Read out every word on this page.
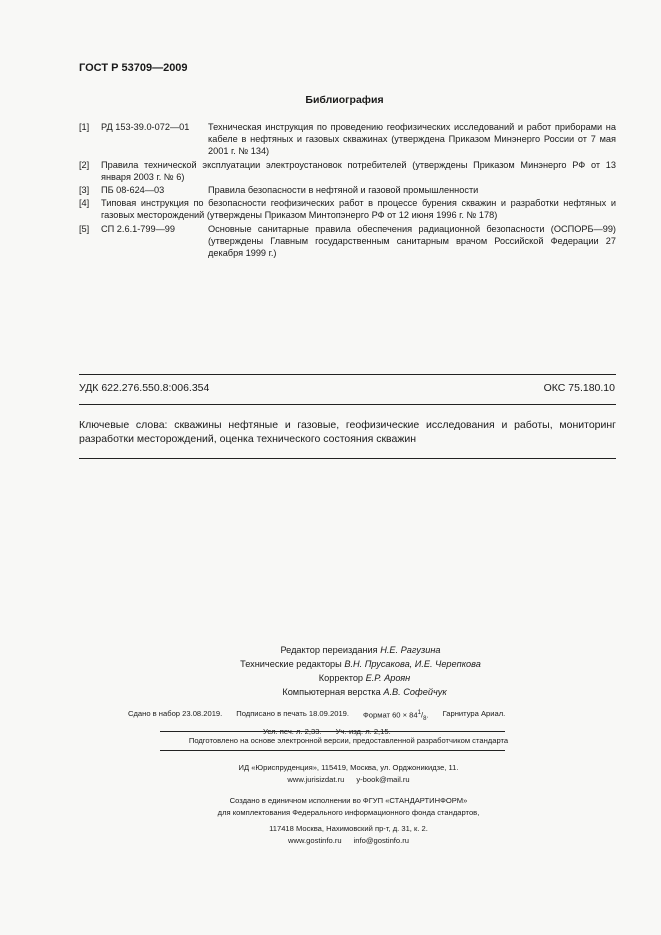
ГОСТ Р 53709—2009
Библиография
[1]	РД 153-39.0-072—01	Техническая инструкция по проведению геофизических исследований и работ приборами на кабеле в нефтяных и газовых скважинах (утверждена Приказом Минэнерго России от 7 мая 2001 г. № 134)
[2]	Правила технической эксплуатации электроустановок потребителей (утверждены Приказом Минэнерго РФ от 13 января 2003 г. № 6)
[3]	ПБ 08-624—03	Правила безопасности в нефтяной и газовой промышленности
[4]	Типовая инструкция по безопасности геофизических работ в процессе бурения скважин и разработки нефтяных и газовых месторождений (утверждены Приказом Минтопэнерго РФ от 12 июня 1996 г. № 178)
[5]	СП 2.6.1-799—99	Основные санитарные правила обеспечения радиационной безопасности (ОСПОРБ—99) (утверждены Главным государственным санитарным врачом Российской Федерации 27 декабря 1999 г.)
УДК 622.276.550.8:006.354	ОКС 75.180.10
Ключевые слова: скважины нефтяные и газовые, геофизические исследования и работы, мониторинг разработки месторождений, оценка технического состояния скважин
Редактор переиздания Н.Е. Рагузина
Технические редакторы В.Н. Прусакова, И.Е. Черепкова
Корректор Е.Р. Ароян
Компьютерная верстка А.В. Софейчук
Сдано в набор 23.08.2019. Подписано в печать 18.09.2019. Формат $60 \times 84^1/_8$. Гарнитура Ариал.
Усл. печ. л. 2,33. Уч.-изд. л. 2,15.
Подготовлено на основе электронной версии, предоставленной разработчиком стандарта
ИД «Юриспруденция», 115419, Москва, ул. Орджоникидзе, 11.
www.jurisizdat.ru y-book@mail.ru
Создано в единичном исполнении во ФГУП «СТАНДАРТИНФОРМ»
для комплектования Федерального информационного фонда стандартов,
117418 Москва, Нахимовский пр-т, д. 31, к. 2.
www.gostinfo.ru info@gostinfo.ru
